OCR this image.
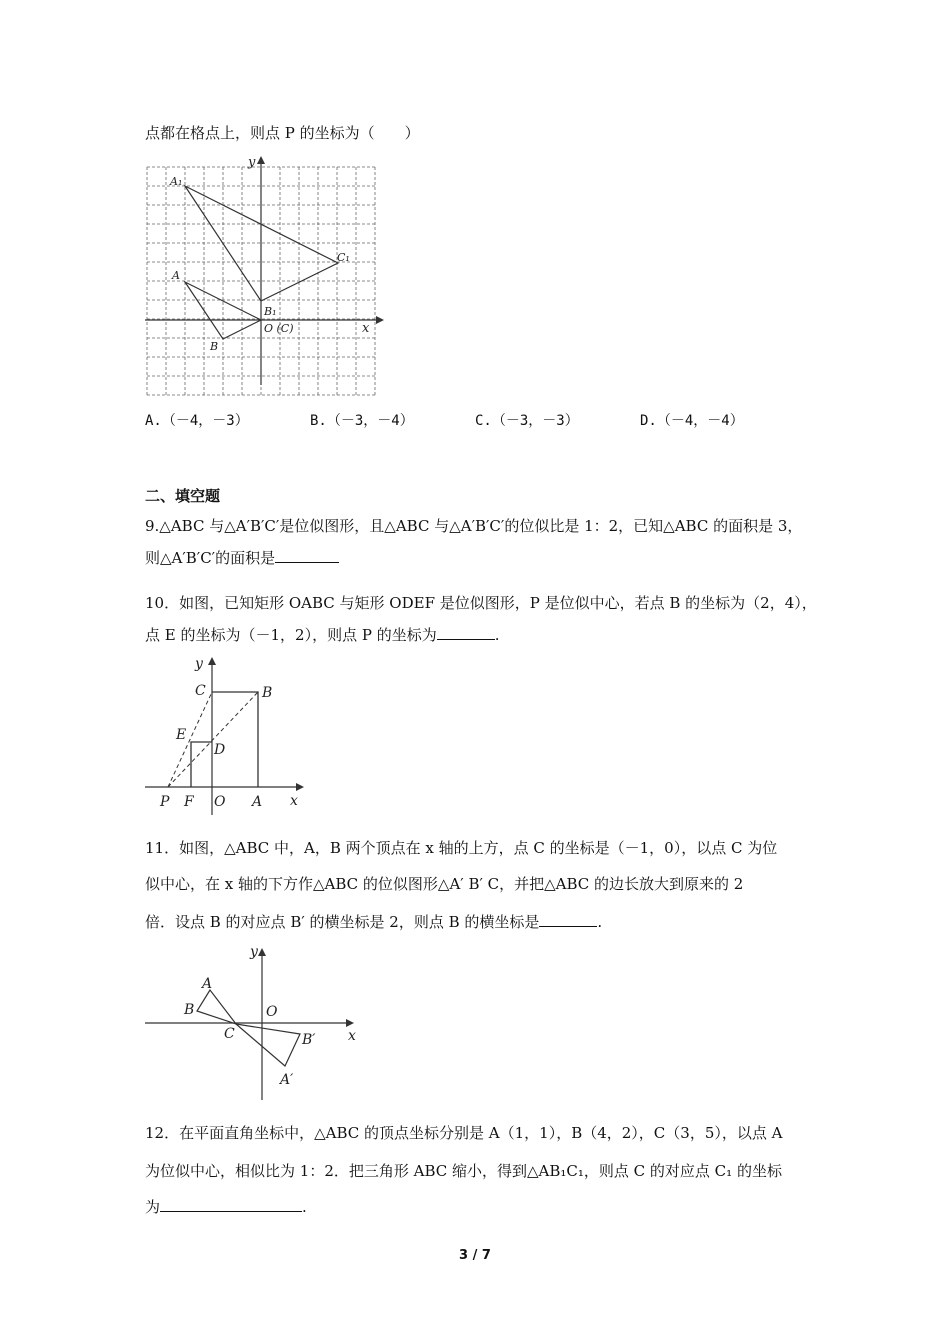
点都在格点上，则点 P 的坐标为（　　）
y
x
A₁
C₁
A
B₁
O (C)
B
A.（－4，－3）	B.（－3，－4）	C.（－3，－3）	D.（－4，－4）
二、填空题
9.△ABC 与△A′B′C′是位似图形，且△ABC 与△A′B′C′的位似比是 1：2，已知△ABC 的面积是 3，
则△A′B′C′的面积是
10．如图，已知矩形 OABC 与矩形 ODEF 是位似图形，P 是位似中心，若点 B 的坐标为（2，4），
点 E 的坐标为（－1，2），则点 P 的坐标为	.
y
x
C	B
E
D
P F O A
11．如图，△ABC 中，A，B 两个顶点在 x 轴的上方，点 C 的坐标是（－1，0），以点 C 为位
似中心，在 x 轴的下方作△ABC 的位似图形△A′ B′ C，并把△ABC 的边长放大到原来的 2
倍．设点 B 的对应点 B′ 的横坐标是 2，则点 B 的横坐标是	.
y
x
A
B	O
C	B′
A′
12．在平面直角坐标中，△ABC 的顶点坐标分别是 A（1，1），B（4，2），C（3，5），以点 A
为位似中心，相似比为 1：2．把三角形 ABC 缩小，得到△AB₁C₁，则点 C 的对应点 C₁ 的坐标
为	.
3 / 7
